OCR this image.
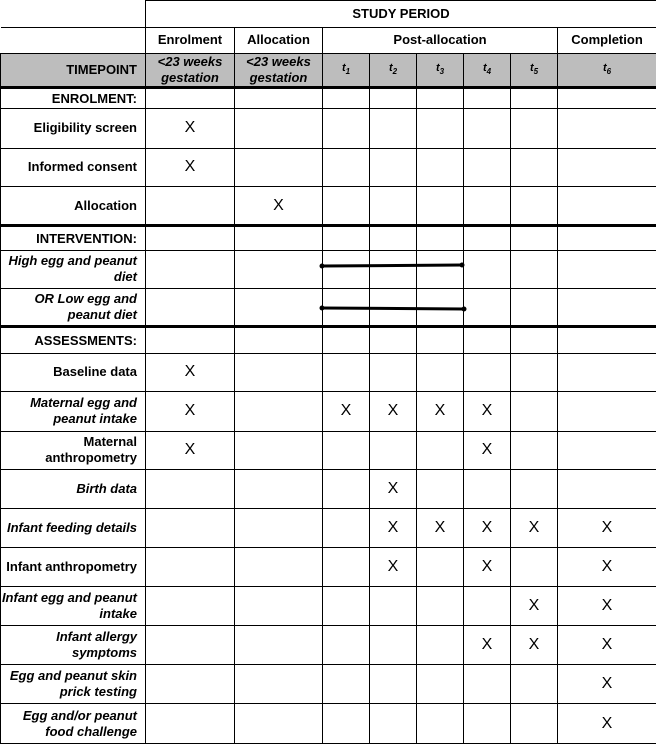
	STUDY PERIOD							
	Enrolment	Allocation	Post-allocation					Completion
TIMEPOINT	<23 weeks gestation	<23 weeks gestation	$t_1$	$t_2$	$t_3$	$t_4$	$t_5$	$t_6$
ENROLMENT:								
Eligibility screen	X							
Informed consent	X							
Allocation		X						
INTERVENTION:								
High egg and peanut diet								
OR Low egg and peanut diet								
ASSESSMENTS:								
Baseline data	X							
Maternal egg and peanut intake	X		X	X	X	X		
Maternal anthropometry	X					X		
Birth data				X				
Infant feeding details				X	X	X	X	X
Infant anthropometry				X		X		X
Infant egg and peanut intake							X	X
Infant allergy symptoms						X	X	X
Egg and peanut skin prick testing								X
Egg and/or peanut food challenge								X
